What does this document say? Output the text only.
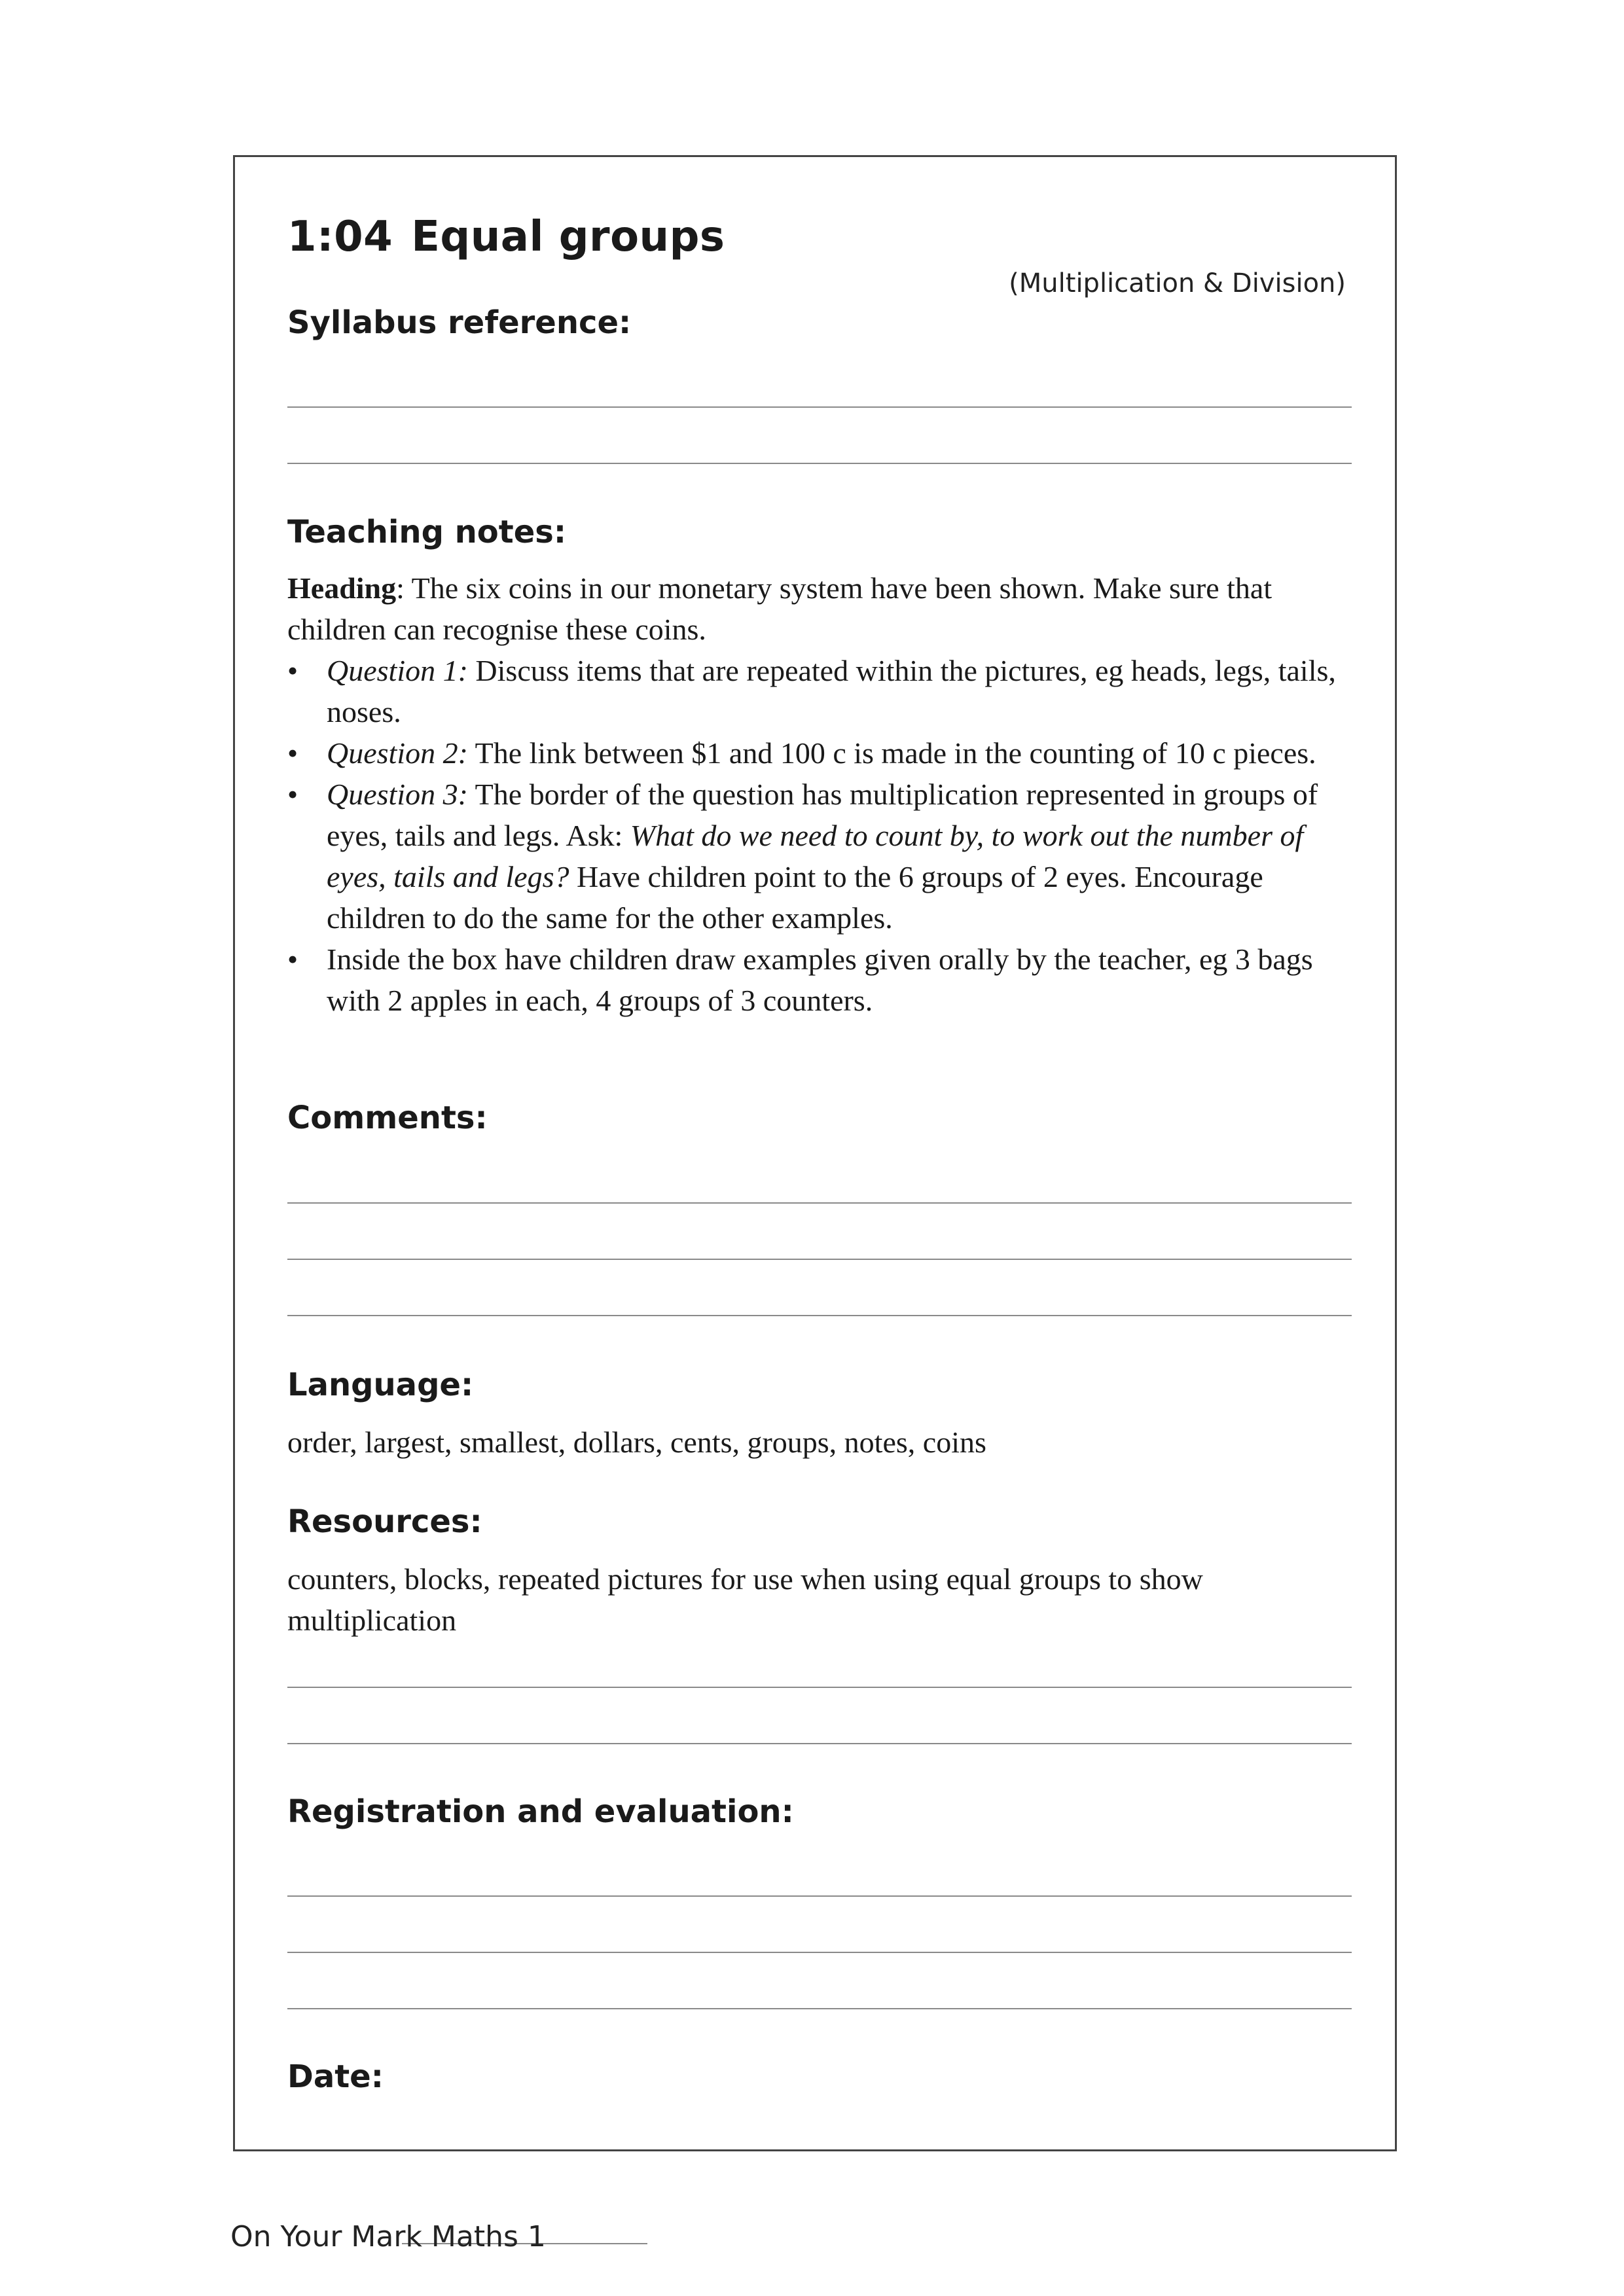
1:04 Equal groups
(Multiplication & Division)
Syllabus reference:
Teaching notes:

Heading: The six coins in our monetary system have been shown. Make sure that children can recognise these coins.

• Question 1: Discuss items that are repeated within the pictures, eg heads, legs, tails, noses.
• Question 2: The link between $1 and 100 c is made in the counting of 10 c pieces.
• Question 3: The border of the question has multiplication represented in groups of eyes, tails and legs. Ask: What do we need to count by, to work out the number of eyes, tails and legs? Have children point to the 6 groups of 2 eyes. Encourage children to do the same for the other examples.
• Inside the box have children draw examples given orally by the teacher, eg 3 bags with 2 apples in each, 4 groups of 3 counters.
Comments:
Language:
order, largest, smallest, dollars, cents, groups, notes, coins
Resources:
counters, blocks, repeated pictures for use when using equal groups to show multiplication
Registration and evaluation:
Date:
On Your Mark Maths 1
